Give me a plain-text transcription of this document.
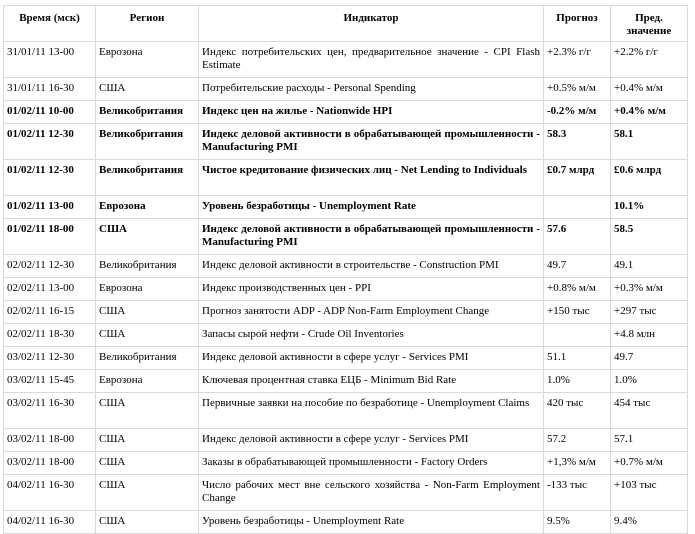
Время (мск)	Регион	Индикатор	Прогноз	Пред. значение
31/01/11 13-00	Еврозона	Индекс потребительских цен, предварительное значение - CPI Flash Estimate	+2.3% г/г	+2.2% г/г
31/01/11 16-30	США	Потребительские расходы - Personal Spending	+0.5% м/м	+0.4% м/м
01/02/11 10-00	Великобритания	Индекс цен на жилье - Nationwide HPI	-0.2% м/м	+0.4% м/м
01/02/11 12-30	Великобритания	Индекс деловой активности в обрабатывающей промышленности - Manufacturing PMI	58.3	58.1
01/02/11 12-30	Великобритания	Чистое кредитование физических лиц - Net Lending to Individuals	£0.7 млрд	£0.6 млрд
01/02/11 13-00	Еврозона	Уровень безработицы - Unemployment Rate		10.1%
01/02/11 18-00	США	Индекс деловой активности в обрабатывающей промышленности - Manufacturing PMI	57.6	58.5
02/02/11 12-30	Великобритания	Индекс деловой активности в строительстве - Construction PMI	49.7	49.1
02/02/11 13-00	Еврозона	Индекс производственных цен - PPI	+0.8% м/м	+0.3% м/м
02/02/11 16-15	США	Прогноз занятости ADP - ADP Non-Farm Employment Change	+150 тыс	+297 тыс
02/02/11 18-30	США	Запасы сырой нефти - Crude Oil Inventories		+4.8 млн
03/02/11 12-30	Великобритания	Индекс деловой активности в сфере услуг - Services PMI	51.1	49.7
03/02/11 15-45	Еврозона	Ключевая процентная ставка ЕЦБ - Minimum Bid Rate	1.0%	1.0%
03/02/11 16-30	США	Первичные заявки на пособие по безработице - Unemployment Claims	420 тыс	454 тыс
03/02/11 18-00	США	Индекс деловой активности в сфере услуг - Services PMI	57.2	57.1
03/02/11 18-00	США	Заказы в обрабатывающей промышленности - Factory Orders	+1,3% м/м	+0.7% м/м
04/02/11 16-30	США	Число рабочих мест вне сельского хозяйства - Non-Farm Employment Change	-133 тыс	+103 тыс
04/02/11 16-30	США	Уровень безработицы - Unemployment Rate	9.5%	9.4%
